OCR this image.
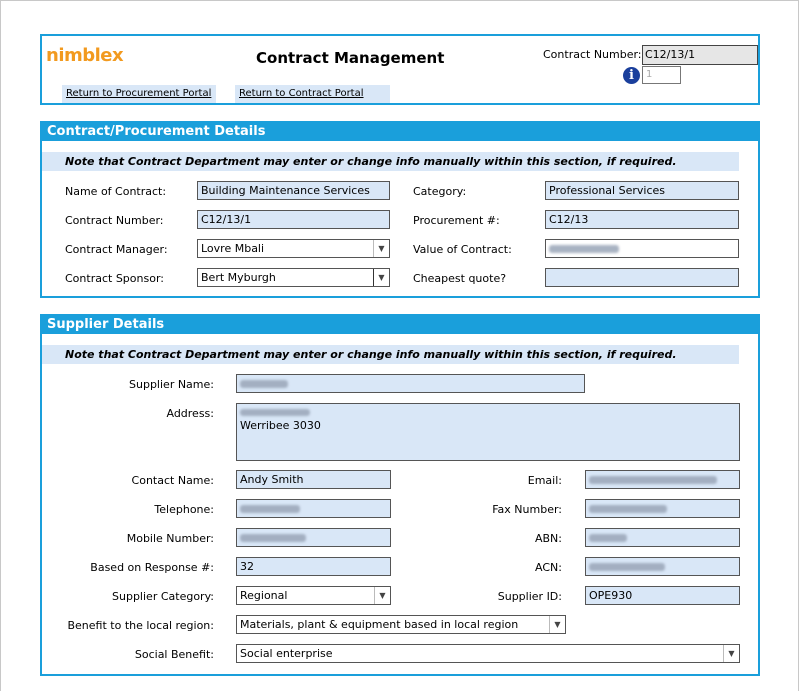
nimblex	Contract Management
Return to Procurement Portal	Return to Contract Portal
Contract Number: C12/13/1
i	1
Contract/Procurement Details
Note that Contract Department may enter or change info manually within this section, if required.
Name of Contract:	Building Maintenance Services
Contract Number:	C12/13/1
Contract Manager:	Lovre Mbali	▼
Contract Sponsor:	Bert Myburgh	▼
Category:	Professional Services
Procurement #:	C12/13
Value of Contract:
Cheapest quote?
Supplier Details
Note that Contract Department may enter or change info manually within this section, if required.
Supplier Name:
Address:
Werribee 3030
Contact Name:	Andy Smith
Telephone:
Mobile Number:
Based on Response #:	32
Supplier Category:	Regional	▼
Benefit to the local region:	Materials, plant & equipment based in local region	▼
Social Benefit:	Social enterprise	▼
Email:
Fax Number:
ABN:
ACN:
Supplier ID:	OPE930
